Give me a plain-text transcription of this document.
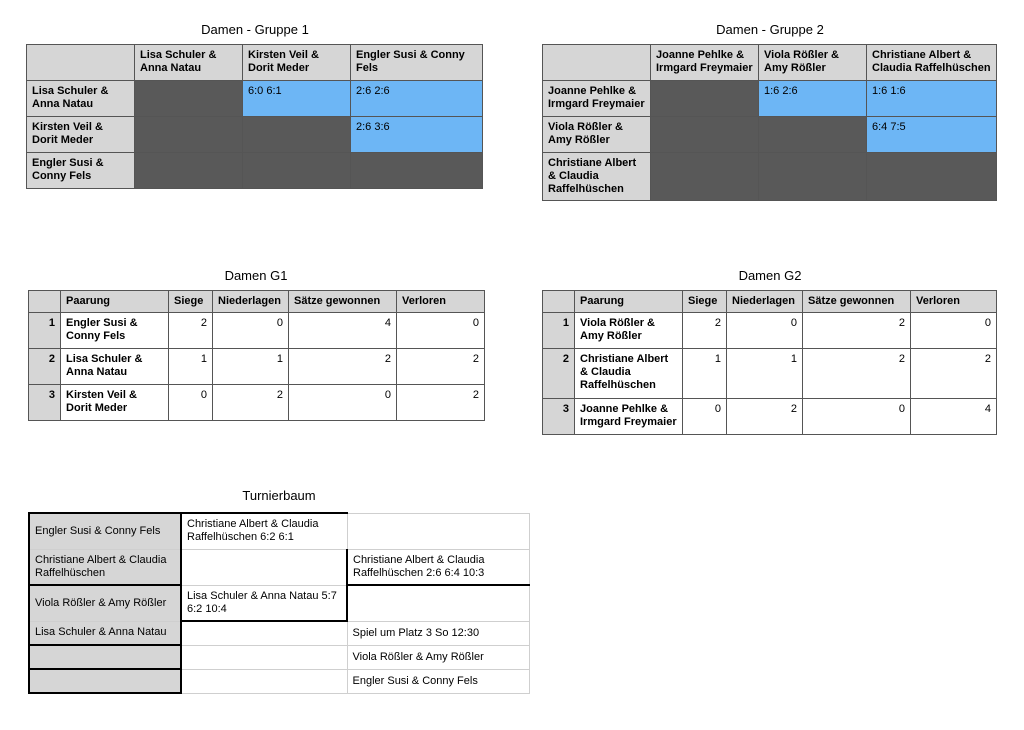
Damen - Gruppe 1
	Lisa Schuler & Anna Natau	Kirsten Veil & Dorit Meder	Engler Susi & Conny Fels
Lisa Schuler & Anna Natau		6:0 6:1	2:6 2:6
Kirsten Veil & Dorit Meder			2:6 3:6
Engler Susi & Conny Fels			
Damen - Gruppe 2
	Joanne Pehlke & Irmgard Freymaier	Viola Rößler & Amy Rößler	Christiane Albert & Claudia Raffelhüschen
Joanne Pehlke & Irmgard Freymaier		1:6 2:6	1:6 1:6
Viola Rößler & Amy Rößler			6:4 7:5
Christiane Albert & Claudia Raffelhüschen			
Damen G1
	Paarung	Siege	Niederlagen	Sätze gewonnen	Verloren
1	Engler Susi & Conny Fels	2	0	4	0
2	Lisa Schuler & Anna Natau	1	1	2	2
3	Kirsten Veil & Dorit Meder	0	2	0	2
Damen G2
	Paarung	Siege	Niederlagen	Sätze gewonnen	Verloren
1	Viola Rößler & Amy Rößler	2	0	2	0
2	Christiane Albert & Claudia Raffelhüschen	1	1	2	2
3	Joanne Pehlke & Irmgard Freymaier	0	2	0	4
Turnierbaum
Engler Susi & Conny Fels	Christiane Albert & Claudia Raffelhüschen 6:2 6:1	
Christiane Albert & Claudia Raffelhüschen		Christiane Albert & Claudia Raffelhüschen 2:6 6:4 10:3
Viola Rößler & Amy Rößler	Lisa Schuler & Anna Natau 5:7 6:2 10:4	
Lisa Schuler & Anna Natau		Spiel um Platz 3 So 12:30
		Viola Rößler & Amy Rößler
		Engler Susi & Conny Fels
